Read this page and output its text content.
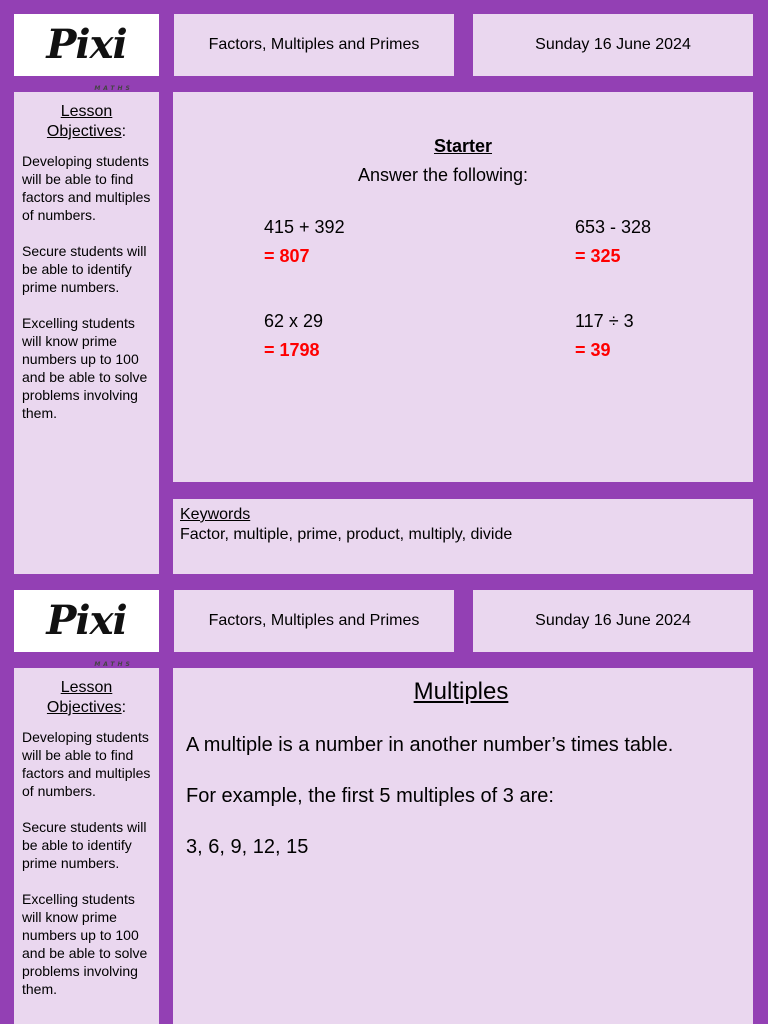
Pixi
MATHS
Factors, Multiples and Primes	Sunday 16 June 2024
Lesson Objectives:

Developing students will be able to find factors and multiples of numbers.

Secure students will be able to identify prime numbers.

Excelling students will know prime numbers up to 100 and be able to solve problems involving them.

Starter
Answer the following:
415 + 392
= 807
653 - 328
= 325
62 x 29
= 1798
117 ÷ 3
= 39
Keywords
Factor, multiple, prime, product, multiply, divide
Pixi
MATHS
Factors, Multiples and Primes	Sunday 16 June 2024
Lesson Objectives:

Developing students will be able to find factors and multiples of numbers.

Secure students will be able to identify prime numbers.

Excelling students will know prime numbers up to 100 and be able to solve problems involving them.

Multiples
A multiple is a number in another number’s times table.
For example, the first 5 multiples of 3 are:
3, 6, 9, 12, 15
